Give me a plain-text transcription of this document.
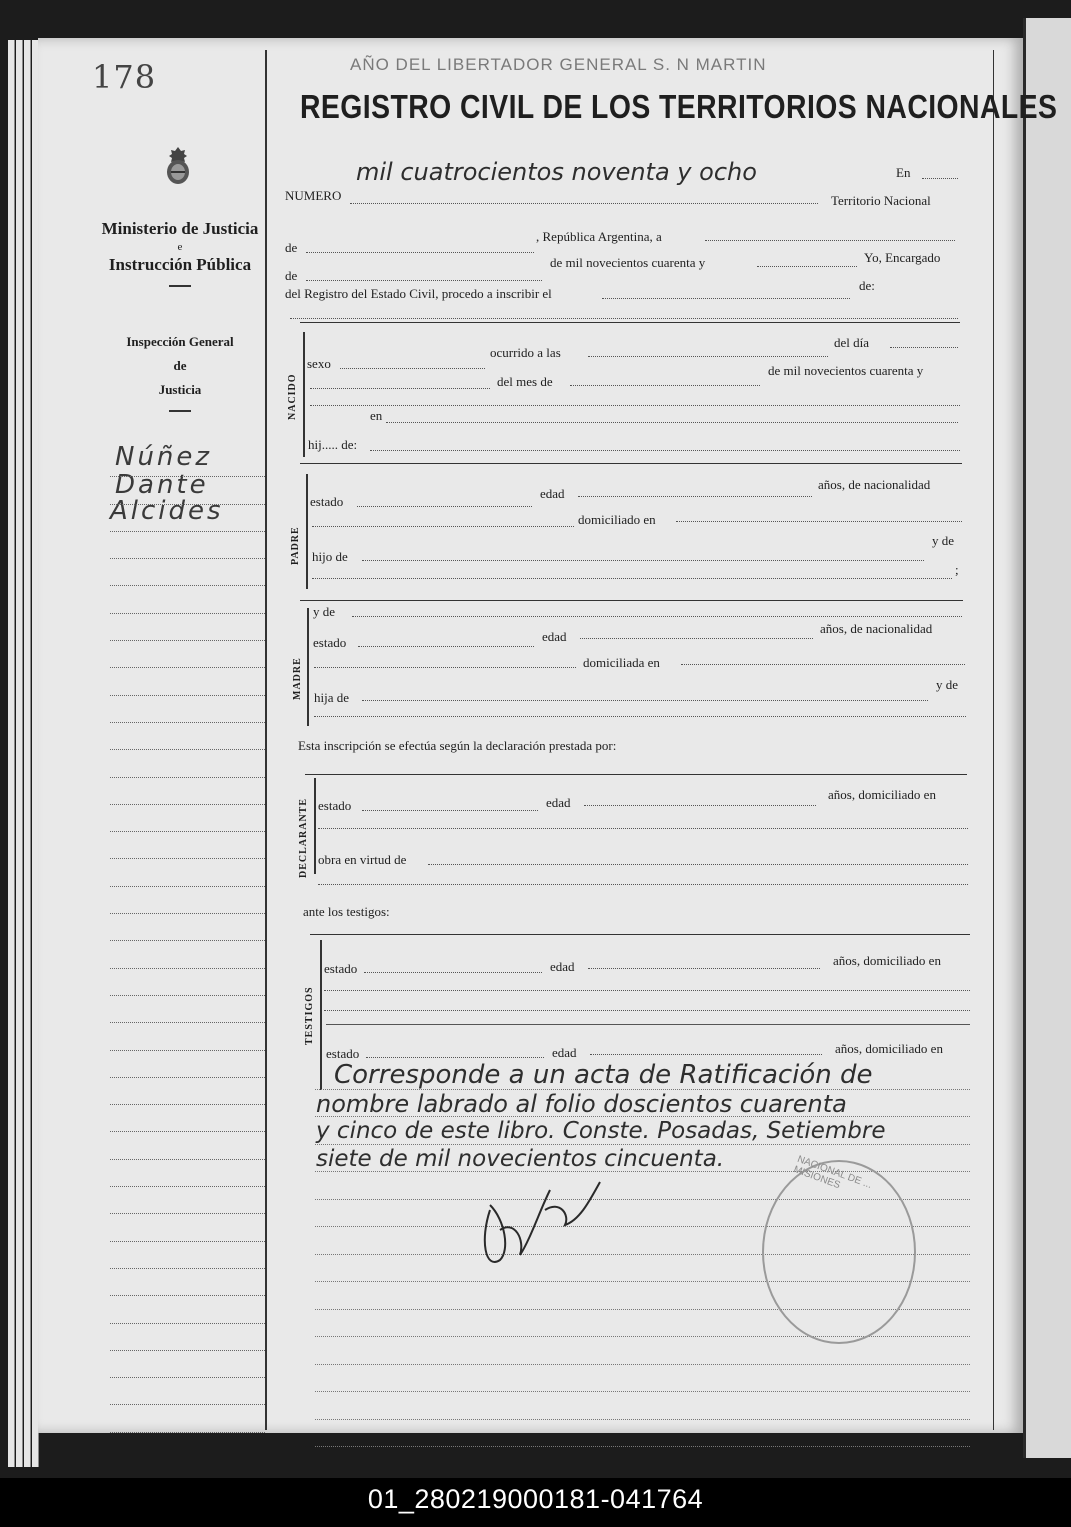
178
Ministerio de Justicia
e
Instrucción Pública
Inspección General
de
Justicia
Núñez
Dante
Alcides
AÑO DEL LIBERTADOR GENERAL S. N MARTIN
REGISTRO CIVIL DE LOS TERRITORIOS NACIONALES
NUMERO
mil cuatrocientos noventa y ocho	En
Territorio Nacional
de
, República Argentina, a
de
de mil novecientos cuarenta y	Yo, Encargado
del Registro del Estado Civil, procedo a inscribir el
de:
NACIDO
sexo
ocurrido a las
del día
del mes de
de mil novecientos cuarenta y
en
hij..... de:
PADRE
estado
edad
años, de nacionalidad
domiciliado en
hijo de
y de
;
MADRE
y de
estado	edad
años, de nacionalidad
domiciliada en
hija de
y de
Esta inscripción se efectúa según la declaración prestada por:
DECLARANTE estado	edad
años, domiciliado en
obra en virtud de
ante los testigos:
TESTIGOS
estado	edad	años, domiciliado en
estado	edad	años, domiciliado en
Corresponde a un acta de Ratificación de
nombre labrado al folio doscientos cuarenta
y cinco de este libro. Conste. Posadas, Setiembre
siete de mil novecientos cincuenta.	NACIONAL DE ... MISIONES
01_280219000181-041764
